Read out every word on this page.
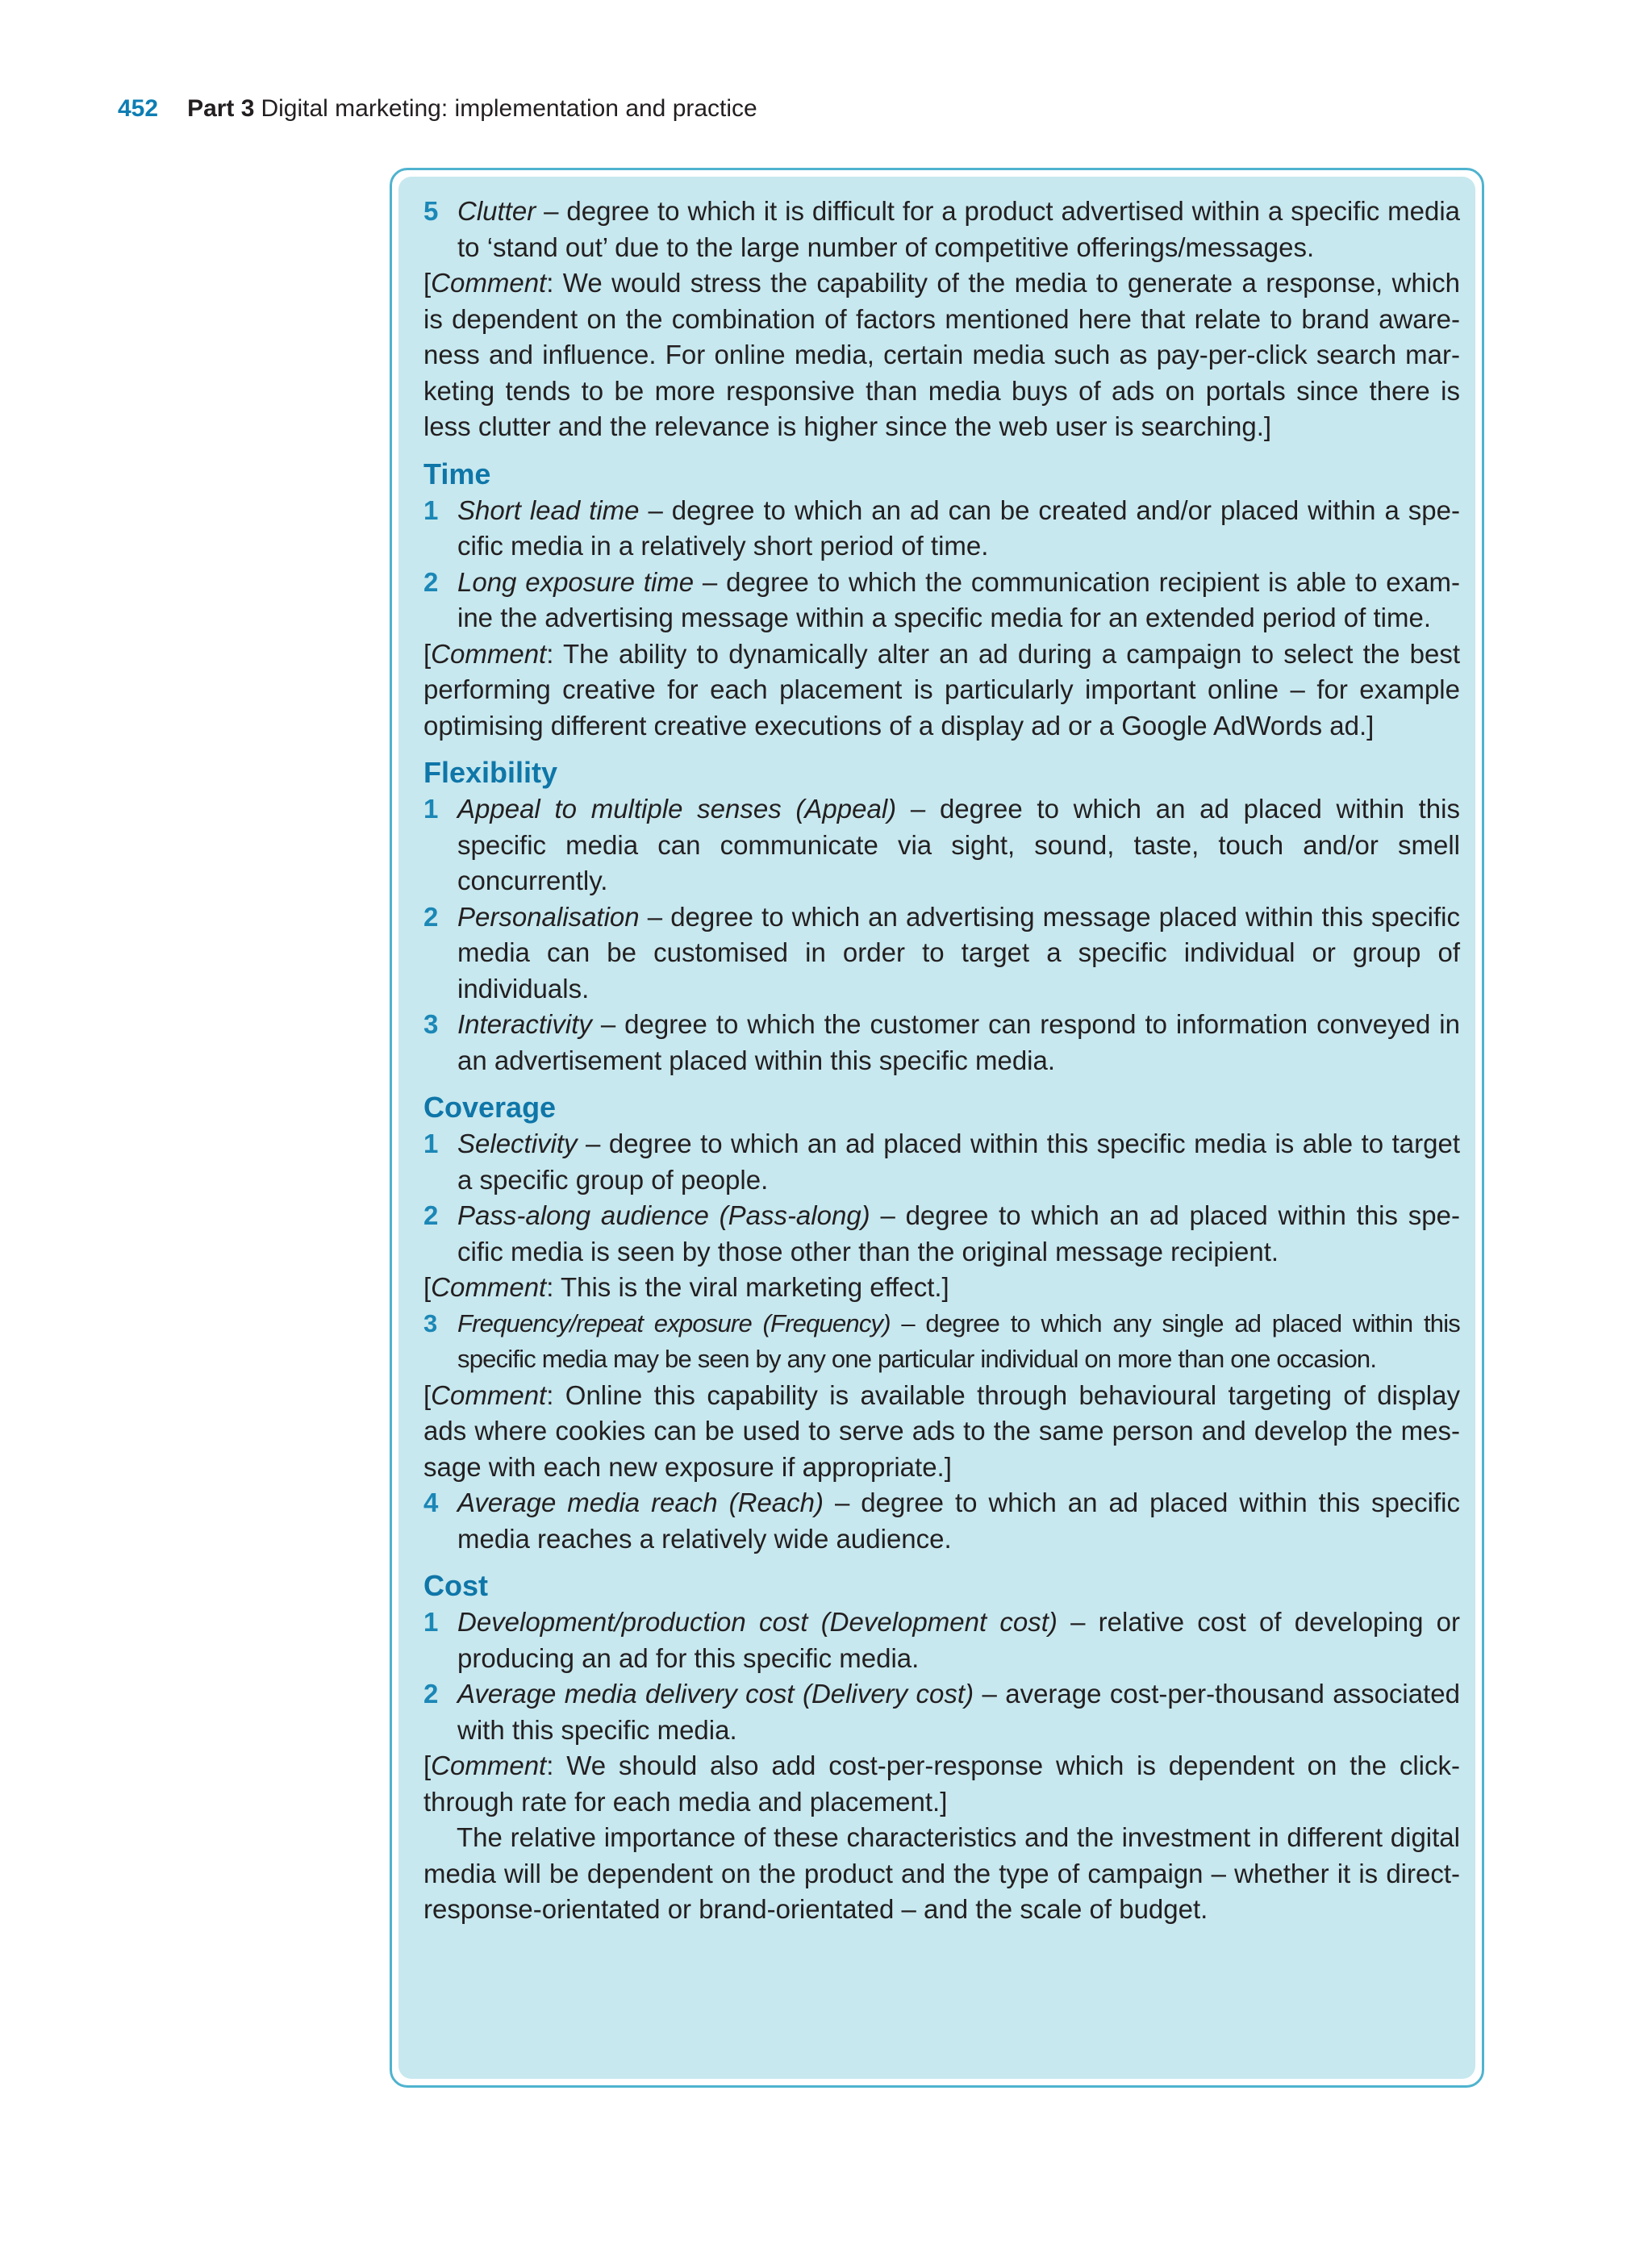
452 Part 3 Digital marketing: implementation and practice

5 Clutter – degree to which it is difficult for a product advertised within a specific media to ‘stand out’ due to the large number of competitive offerings/messages.

[Comment: We would stress the capability of the media to generate a response, which is dependent on the combination of factors mentioned here that relate to brand awareness and influence. For online media, certain media such as pay-per-click search marketing tends to be more responsive than media buys of ads on portals since there is less clutter and the relevance is higher since the web user is searching.]

Time

1 Short lead time – degree to which an ad can be created and/or placed within a specific media in a relatively short period of time.

2 Long exposure time – degree to which the communication recipient is able to examine the advertising message within a specific media for an extended period of time.

[Comment: The ability to dynamically alter an ad during a campaign to select the best performing creative for each placement is particularly important online – for example optimising different creative executions of a display ad or a Google AdWords ad.]

Flexibility

1 Appeal to multiple senses (Appeal) – degree to which an ad placed within this specific media can communicate via sight, sound, taste, touch and/or smell concurrently.

2 Personalisation – degree to which an advertising message placed within this specific media can be customised in order to target a specific individual or group of individuals.

3 Interactivity – degree to which the customer can respond to information conveyed in an advertisement placed within this specific media.

Coverage

1 Selectivity – degree to which an ad placed within this specific media is able to target a specific group of people.

2 Pass-along audience (Pass-along) – degree to which an ad placed within this specific media is seen by those other than the original message recipient.

[Comment: This is the viral marketing effect.]

3 Frequency/repeat exposure (Frequency) – degree to which any single ad placed within this specific media may be seen by any one particular individual on more than one occasion.

[Comment: Online this capability is available through behavioural targeting of display ads where cookies can be used to serve ads to the same person and develop the message with each new exposure if appropriate.]

4 Average media reach (Reach) – degree to which an ad placed within this specific media reaches a relatively wide audience.

Cost

1 Development/production cost (Development cost) – relative cost of developing or producing an ad for this specific media.

2 Average media delivery cost (Delivery cost) – average cost-per-thousand associated with this specific media.

[Comment: We should also add cost-per-response which is dependent on the click-through rate for each media and placement.]

The relative importance of these characteristics and the investment in different digital media will be dependent on the product and the type of campaign – whether it is direct-response-orientated or brand-orientated – and the scale of budget.
